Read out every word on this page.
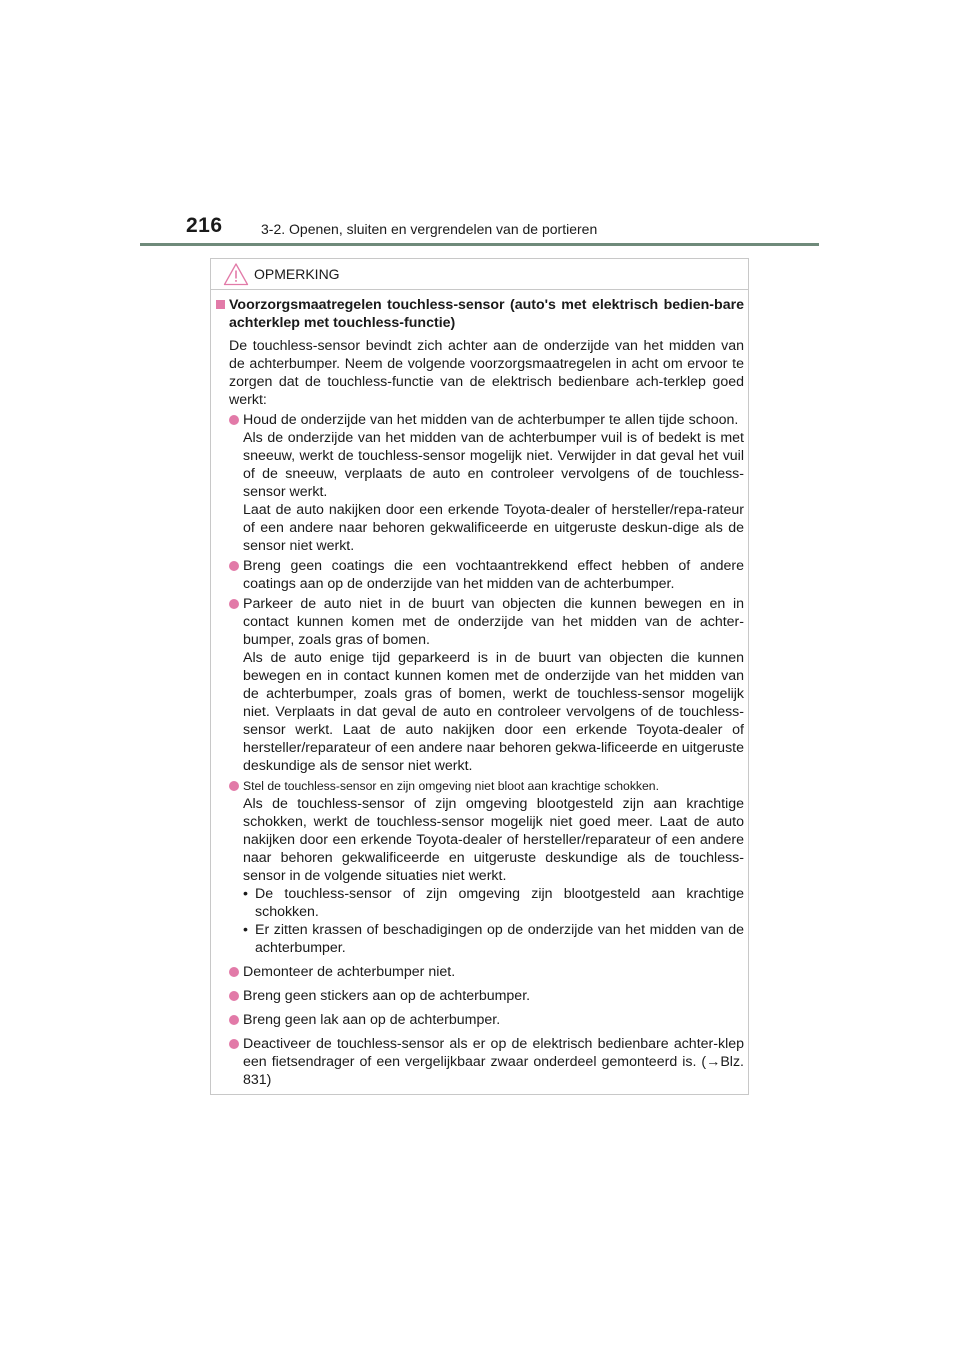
216	3-2. Openen, sluiten en vergrendelen van de portieren
OPMERKING
Voorzorgsmaatregelen touchless-sensor (auto's met elektrisch bedien-bare achterklep met touchless-functie)
De touchless-sensor bevindt zich achter aan de onderzijde van het midden van de achterbumper. Neem de volgende voorzorgsmaatregelen in acht om ervoor te zorgen dat de touchless-functie van de elektrisch bedienbare ach-terklep goed werkt:
Houd de onderzijde van het midden van de achterbumper te allen tijde schoon.
Als de onderzijde van het midden van de achterbumper vuil is of bedekt is met sneeuw, werkt de touchless-sensor mogelijk niet. Verwijder in dat geval het vuil of de sneeuw, verplaats de auto en controleer vervolgens of de touchless-sensor werkt.
Laat de auto nakijken door een erkende Toyota-dealer of hersteller/repa-rateur of een andere naar behoren gekwalificeerde en uitgeruste deskun-dige als de sensor niet werkt.
Breng geen coatings die een vochtaantrekkend effect hebben of andere coatings aan op de onderzijde van het midden van de achterbumper.
Parkeer de auto niet in de buurt van objecten die kunnen bewegen en in contact kunnen komen met de onderzijde van het midden van de achter-bumper, zoals gras of bomen.
Als de auto enige tijd geparkeerd is in de buurt van objecten die kunnen bewegen en in contact kunnen komen met de onderzijde van het midden van de achterbumper, zoals gras of bomen, werkt de touchless-sensor mogelijk niet. Verplaats in dat geval de auto en controleer vervolgens of de touchless-sensor werkt. Laat de auto nakijken door een erkende Toyota-dealer of hersteller/reparateur of een andere naar behoren gekwa-lificeerde en uitgeruste deskundige als de sensor niet werkt.
Stel de touchless-sensor en zijn omgeving niet bloot aan krachtige schokken.
Als de touchless-sensor of zijn omgeving blootgesteld zijn aan krachtige schokken, werkt de touchless-sensor mogelijk niet goed meer. Laat de auto nakijken door een erkende Toyota-dealer of hersteller/reparateur of een andere naar behoren gekwalificeerde en uitgeruste deskundige als de touchless-sensor in de volgende situaties niet werkt.
• De touchless-sensor of zijn omgeving zijn blootgesteld aan krachtige schokken.
• Er zitten krassen of beschadigingen op de onderzijde van het midden van de achterbumper.
Demonteer de achterbumper niet.
Breng geen stickers aan op de achterbumper.
Breng geen lak aan op de achterbumper.
Deactiveer de touchless-sensor als er op de elektrisch bedienbare achter-klep een fietsendrager of een vergelijkbaar zwaar onderdeel gemonteerd is. (→Blz. 831)
